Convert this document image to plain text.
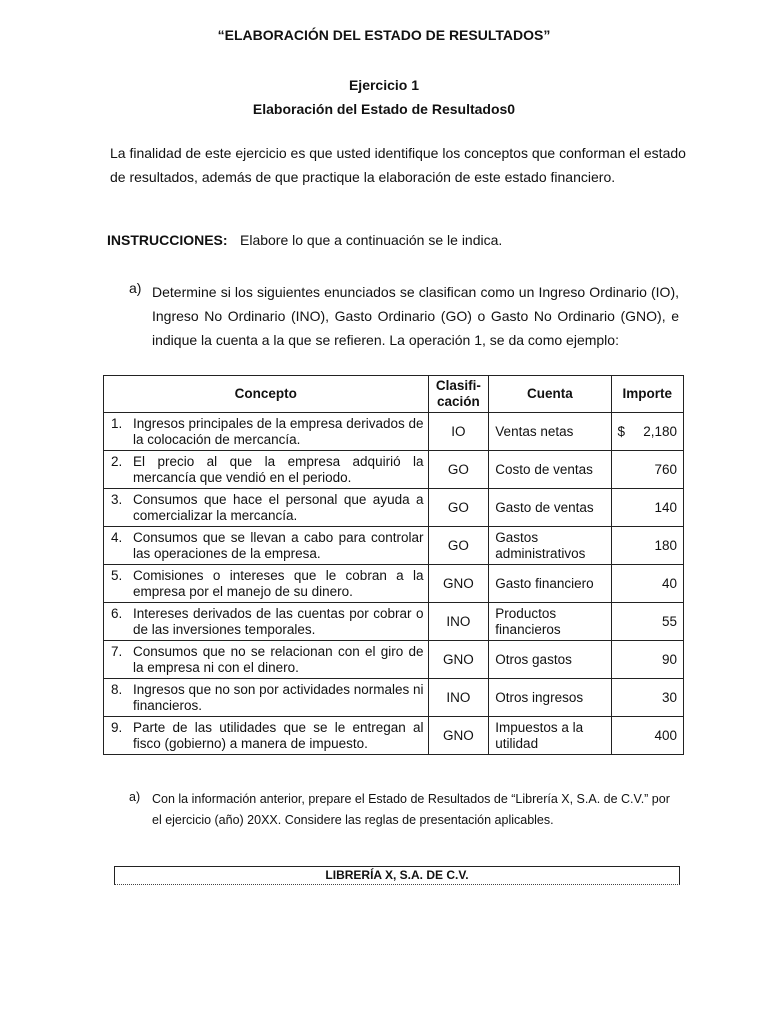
“ELABORACIÓN DEL ESTADO DE RESULTADOS”
Ejercicio 1
Elaboración del Estado de Resultados0
La finalidad de este ejercicio es que usted identifique los conceptos que conforman el estado de resultados, además de que practique la elaboración de este estado financiero.
INSTRUCCIONES: Elabore lo que a continuación se le indica.
a) Determine si los siguientes enunciados se clasifican como un Ingreso Ordinario (IO), Ingreso No Ordinario (INO), Gasto Ordinario (GO) o Gasto No Ordinario (GNO), e indique la cuenta a la que se refieren. La operación 1, se da como ejemplo:
Concepto	Clasifi-cación	Cuenta	Importe

1. Ingresos principales de la empresa derivados de la colocación de mercancía.	IO	Ventas netas	$ 2,180

2. El precio al que la empresa adquirió la mercancía que vendió en el periodo.	GO	Costo de ventas	760

3. Consumos que hace el personal que ayuda a comercializar la mercancía.	GO	Gasto de ventas	140

4. Consumos que se llevan a cabo para controlar las operaciones de la empresa.	GO	Gastos administrativos	180

5. Comisiones o intereses que le cobran a la empresa por el manejo de su dinero.	GNO	Gasto financiero	40

6. Intereses derivados de las cuentas por cobrar o de las inversiones temporales.	INO	Productos financieros	55

7. Consumos que no se relacionan con el giro de la empresa ni con el dinero.	GNO	Otros gastos	90

8. Ingresos que no son por actividades normales ni financieros.	INO	Otros ingresos	30

9. Parte de las utilidades que se le entregan al fisco (gobierno) a manera de impuesto.	GNO	Impuestos a la utilidad	400
a) Con la información anterior, prepare el Estado de Resultados de “Librería X, S.A. de C.V.” por el ejercicio (año) 20XX. Considere las reglas de presentación aplicables.
LIBRERÍA X, S.A. DE C.V.
